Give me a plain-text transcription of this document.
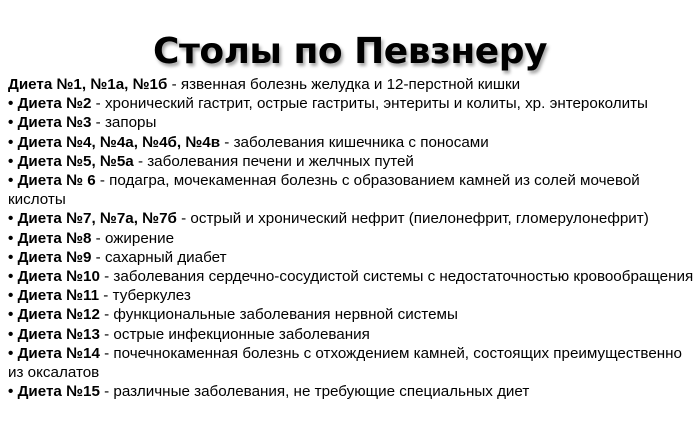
Столы по Певзнеру
Диета №1, №1а, №1б - язвенная болезнь желудка и 12-перстной кишки
• Диета №2 - хронический гастрит, острые гастриты, энтериты и колиты, хр. энтероколиты
• Диета №3 - запоры
• Диета №4, №4а, №4б, №4в - заболевания кишечника с поносами
• Диета №5, №5а - заболевания печени и желчных путей
• Диета № 6 - подагра, мочекаменная болезнь с образованием камней из солей мочевой кислоты
• Диета №7, №7а, №7б - острый и хронический нефрит (пиелонефрит, гломерулонефрит)
• Диета №8 - ожирение
• Диета №9 - сахарный диабет
• Диета №10 - заболевания сердечно-сосудистой системы с недостаточностью кровообращения
• Диета №11 - туберкулез
• Диета №12 - функциональные заболевания нервной системы
• Диета №13 - острые инфекционные заболевания
• Диета №14 - почечнокаменная болезнь с отхождением камней, состоящих преимущественно из оксалатов
• Диета №15 - различные заболевания, не требующие специальных диет
